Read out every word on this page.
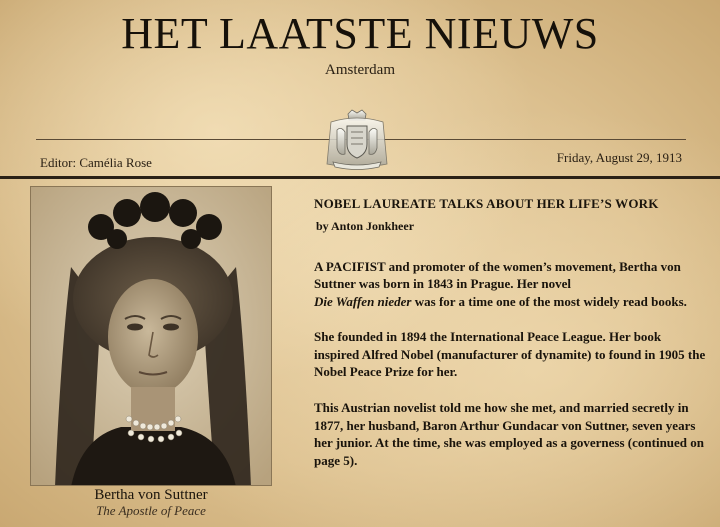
HET LAATSTE NIEUWS
Amsterdam
Editor: Camélia Rose	Friday, August 29, 1913
Bertha von Suttner
The Apostle of Peace
NOBEL LAUREATE TALKS ABOUT HER LIFE’S WORK
by Anton Jonkheer
A PACIFIST and promoter of the women’s movement, Bertha von Suttner was born in 1843 in Prague. Her novel
Die Waffen nieder was for a time one of the most widely read books.
She founded in 1894 the International Peace League. Her book inspired Alfred Nobel (manufacturer of dynamite) to found in 1905 the Nobel Peace Prize for her.
This Austrian novelist told me how she met, and married secretly in 1877, her husband, Baron Arthur Gundacar von Suttner, seven years her junior. At the time, she was employed as a governess (continued on page 5).
